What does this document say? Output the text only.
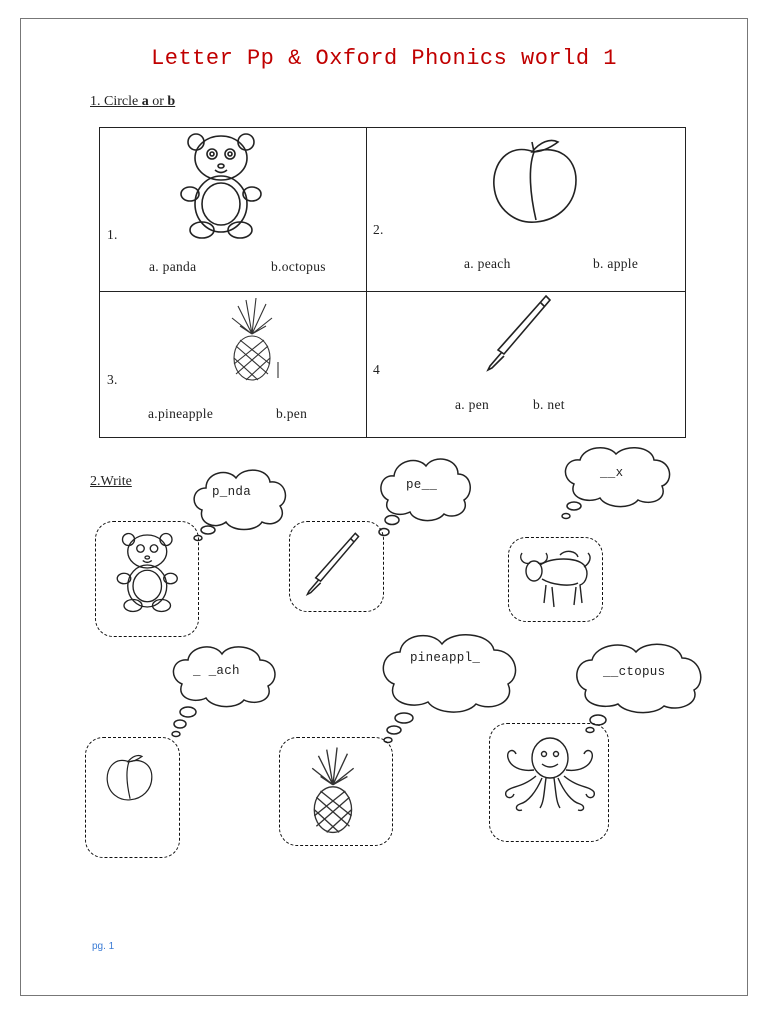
Letter Pp & Oxford Phonics world 1
1. Circle a or b
1.
a. panda	b.octopus
2.
a. peach	b. apple
3.
a.pineapple	b.pen
4
a. pen	b. net
2.Write
p_nda	pe__
__x
_ _ach
pineappl_
__ctopus
pg. 1
